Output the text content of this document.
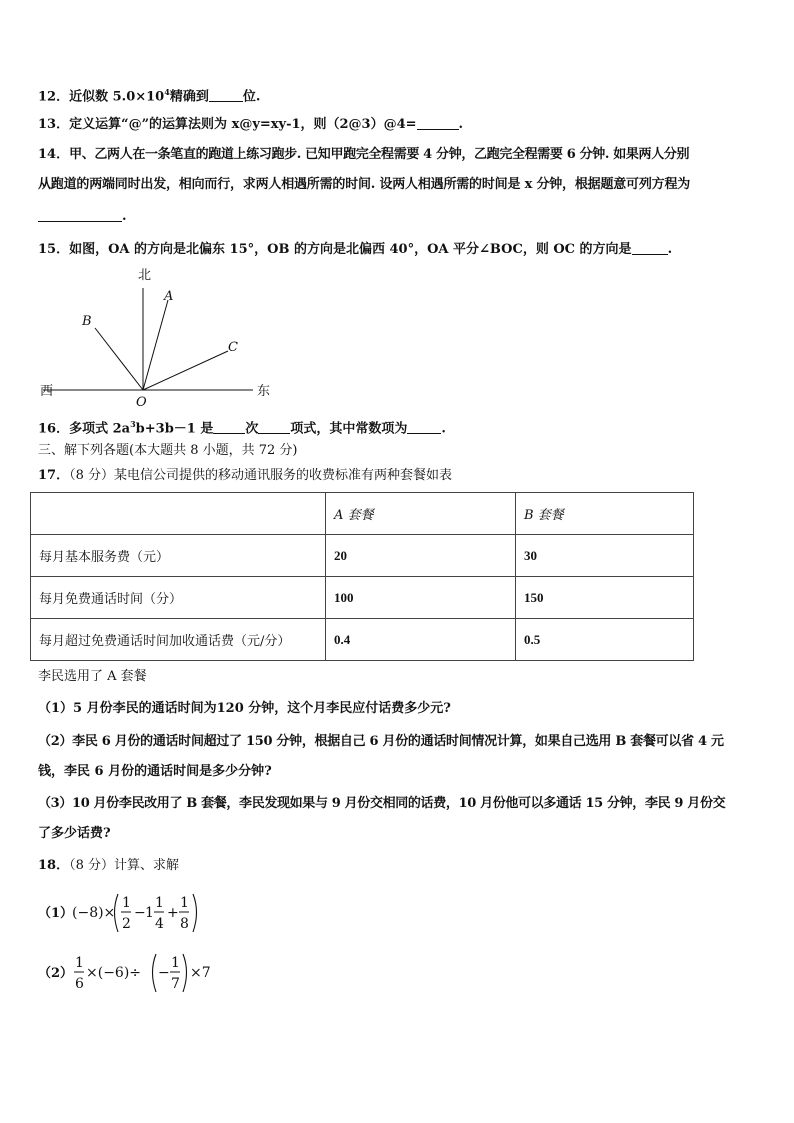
12．近似数 $5.0\times 10^4$精确到	位.
13．定义运算“@”的运算法则为 x@y=xy-1，则（2@3）@4=	.
14．甲、乙两人在一条笔直的跑道上练习跑步. 已知甲跑完全程需要 4 分钟，乙跑完全程需要 6 分钟. 如果两人分别
从跑道的两端同时出发，相向而行，求两人相遇所需的时间. 设两人相遇所需的时间是 x 分钟，根据题意可列方程为
.
15．如图，OA 的方向是北偏东 15°，OB 的方向是北偏西 40°，OA 平分∠BOC，则 OC 的方向是	.
北
A
B
C
西	东
O
16．多项式 $2a^3b+3b-1$ 是 次 项式，其中常数项为	.
三、解下列各题(本大题共 8 小题，共 72 分)
17．（8 分）某电信公司提供的移动通讯服务的收费标准有两种套餐如表
	A 套餐	B 套餐
每月基本服务费（元）	20	30
每月免费通话时间（分）	100	150
每月超过免费通话时间加收通话费（元/分）	0.4	0.5
李民选用了 A 套餐
（1）5 月份李民的通话时间为120 分钟，这个月李民应付话费多少元?
（2）李民 6 月份的通话时间超过了 150 分钟，根据自己 6 月份的通话时间情况计算，如果自己选用 B 套餐可以省 4 元
钱，李民 6 月份的通话时间是多少分钟?
（3）10 月份李民改用了 B 套餐，李民发现如果与 9 月份交相同的话费，10 月份他可以多通话 15 分钟，李民 9 月份交
了多少话费?
18．（8 分）计算、求解
（1）
(−8)×
1
2
− 1
1
4
+
1
8
（2）
1
6
×(−6)÷ −
1
7
×7
